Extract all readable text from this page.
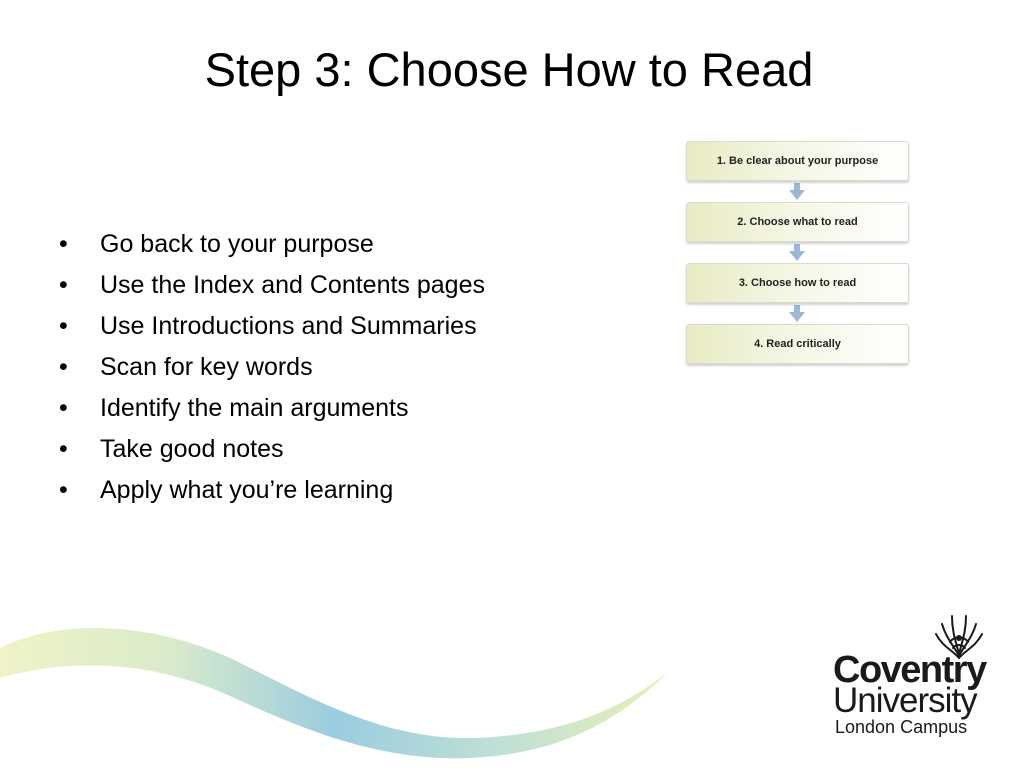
Step 3: Choose How to Read
• Go back to your purpose
• Use the Index and Contents pages
• Use Introductions and Summaries
• Scan for key words
• Identify the main arguments
• Take good notes
• Apply what you’re learning
1. Be clear about your purpose
2. Choose what to read
3. Choose how to read
4. Read critically
Coventry
University
London Campus
